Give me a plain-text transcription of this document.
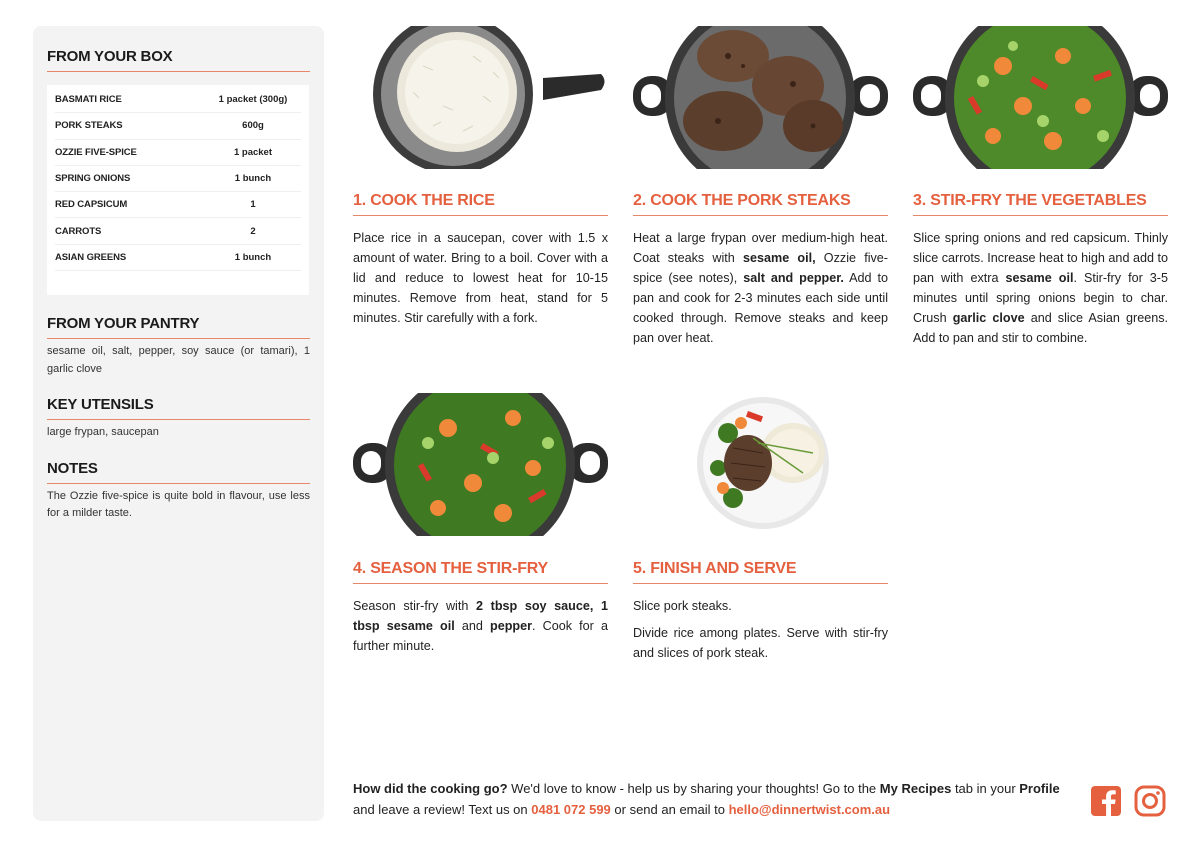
FROM YOUR BOX
BASMATI RICE	1 packet (300g)
PORK STEAKS	600g
OZZIE FIVE-SPICE	1 packet
SPRING ONIONS	1 bunch
RED CAPSICUM	1
CARROTS	2
ASIAN GREENS	1 bunch
FROM YOUR PANTRY
sesame oil, salt, pepper, soy sauce (or tamari), 1 garlic clove
KEY UTENSILS
large frypan, saucepan
NOTES
The Ozzie five-spice is quite bold in flavour, use less for a milder taste.
1. COOK THE RICE

Place rice in a saucepan, cover with 1.5 x amount of water. Bring to a boil. Cover with a lid and reduce to lowest heat for 10-15 minutes. Remove from heat, stand for 5 minutes. Stir carefully with a fork.

2. COOK THE PORK STEAKS

Heat a large frypan over medium-high heat. Coat steaks with sesame oil, Ozzie five-spice (see notes), salt and pepper. Add to pan and cook for 2-3 minutes each side until cooked through. Remove steaks and keep pan over heat.

3. STIR-FRY THE VEGETABLES

Slice spring onions and red capsicum. Thinly slice carrots. Increase heat to high and add to pan with extra sesame oil. Stir-fry for 3-5 minutes until spring onions begin to char. Crush garlic clove and slice Asian greens. Add to pan and stir to combine.

4. SEASON THE STIR-FRY

Season stir-fry with 2 tbsp soy sauce, 1 tbsp sesame oil and pepper. Cook for a further minute.

5. FINISH AND SERVE

Slice pork steaks.

Divide rice among plates. Serve with stir-fry and slices of pork steak.

How did the cooking go? We'd love to know - help us by sharing your thoughts! Go to the My Recipes tab in your Profile and leave a review! Text us on 0481 072 599 or send an email to hello@dinnertwist.com.au
